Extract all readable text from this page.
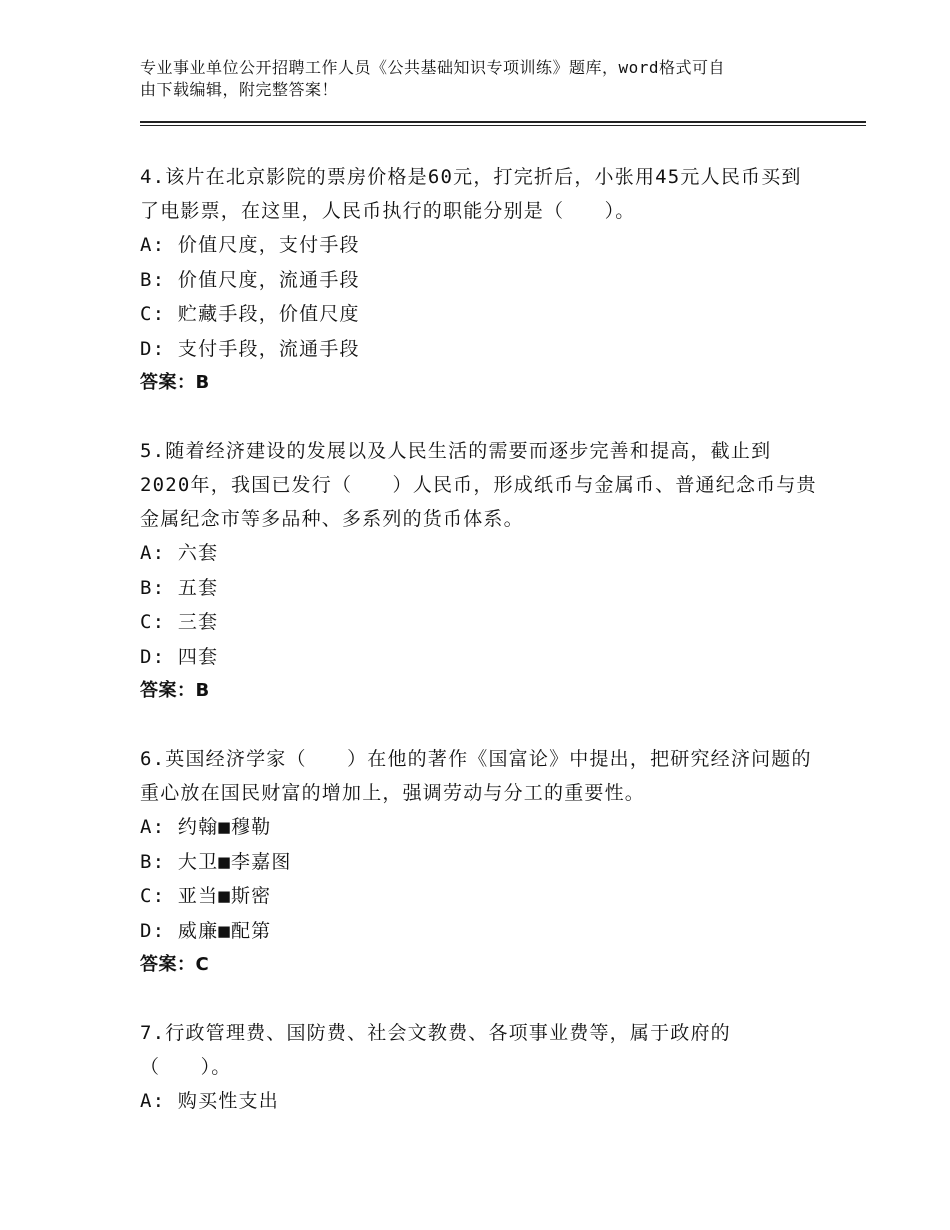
专业事业单位公开招聘工作人员《公共基础知识专项训练》题库，word格式可自
由下载编辑，附完整答案！

4.该片在北京影院的票房价格是60元，打完折后，小张用45元人民币买到了电影票，在这里，人民币执行的职能分别是（　　）。

A: 价值尺度，支付手段

B: 价值尺度，流通手段

C: 贮藏手段，价值尺度

D: 支付手段，流通手段

答案：B

5.随着经济建设的发展以及人民生活的需要而逐步完善和提高，截止到2020年，我国已发行（　　）人民币，形成纸币与金属币、普通纪念币与贵金属纪念市等多品种、多系列的货币体系。

A: 六套

B: 五套

C: 三套

D: 四套

答案：B

6.英国经济学家（　　）在他的著作《国富论》中提出，把研究经济问题的重心放在国民财富的增加上，强调劳动与分工的重要性。

A: 约翰■穆勒

B: 大卫■李嘉图

C: 亚当■斯密

D: 威廉■配第

答案：C

7.行政管理费、国防费、社会文教费、各项事业费等，属于政府的（　　）。

A: 购买性支出
